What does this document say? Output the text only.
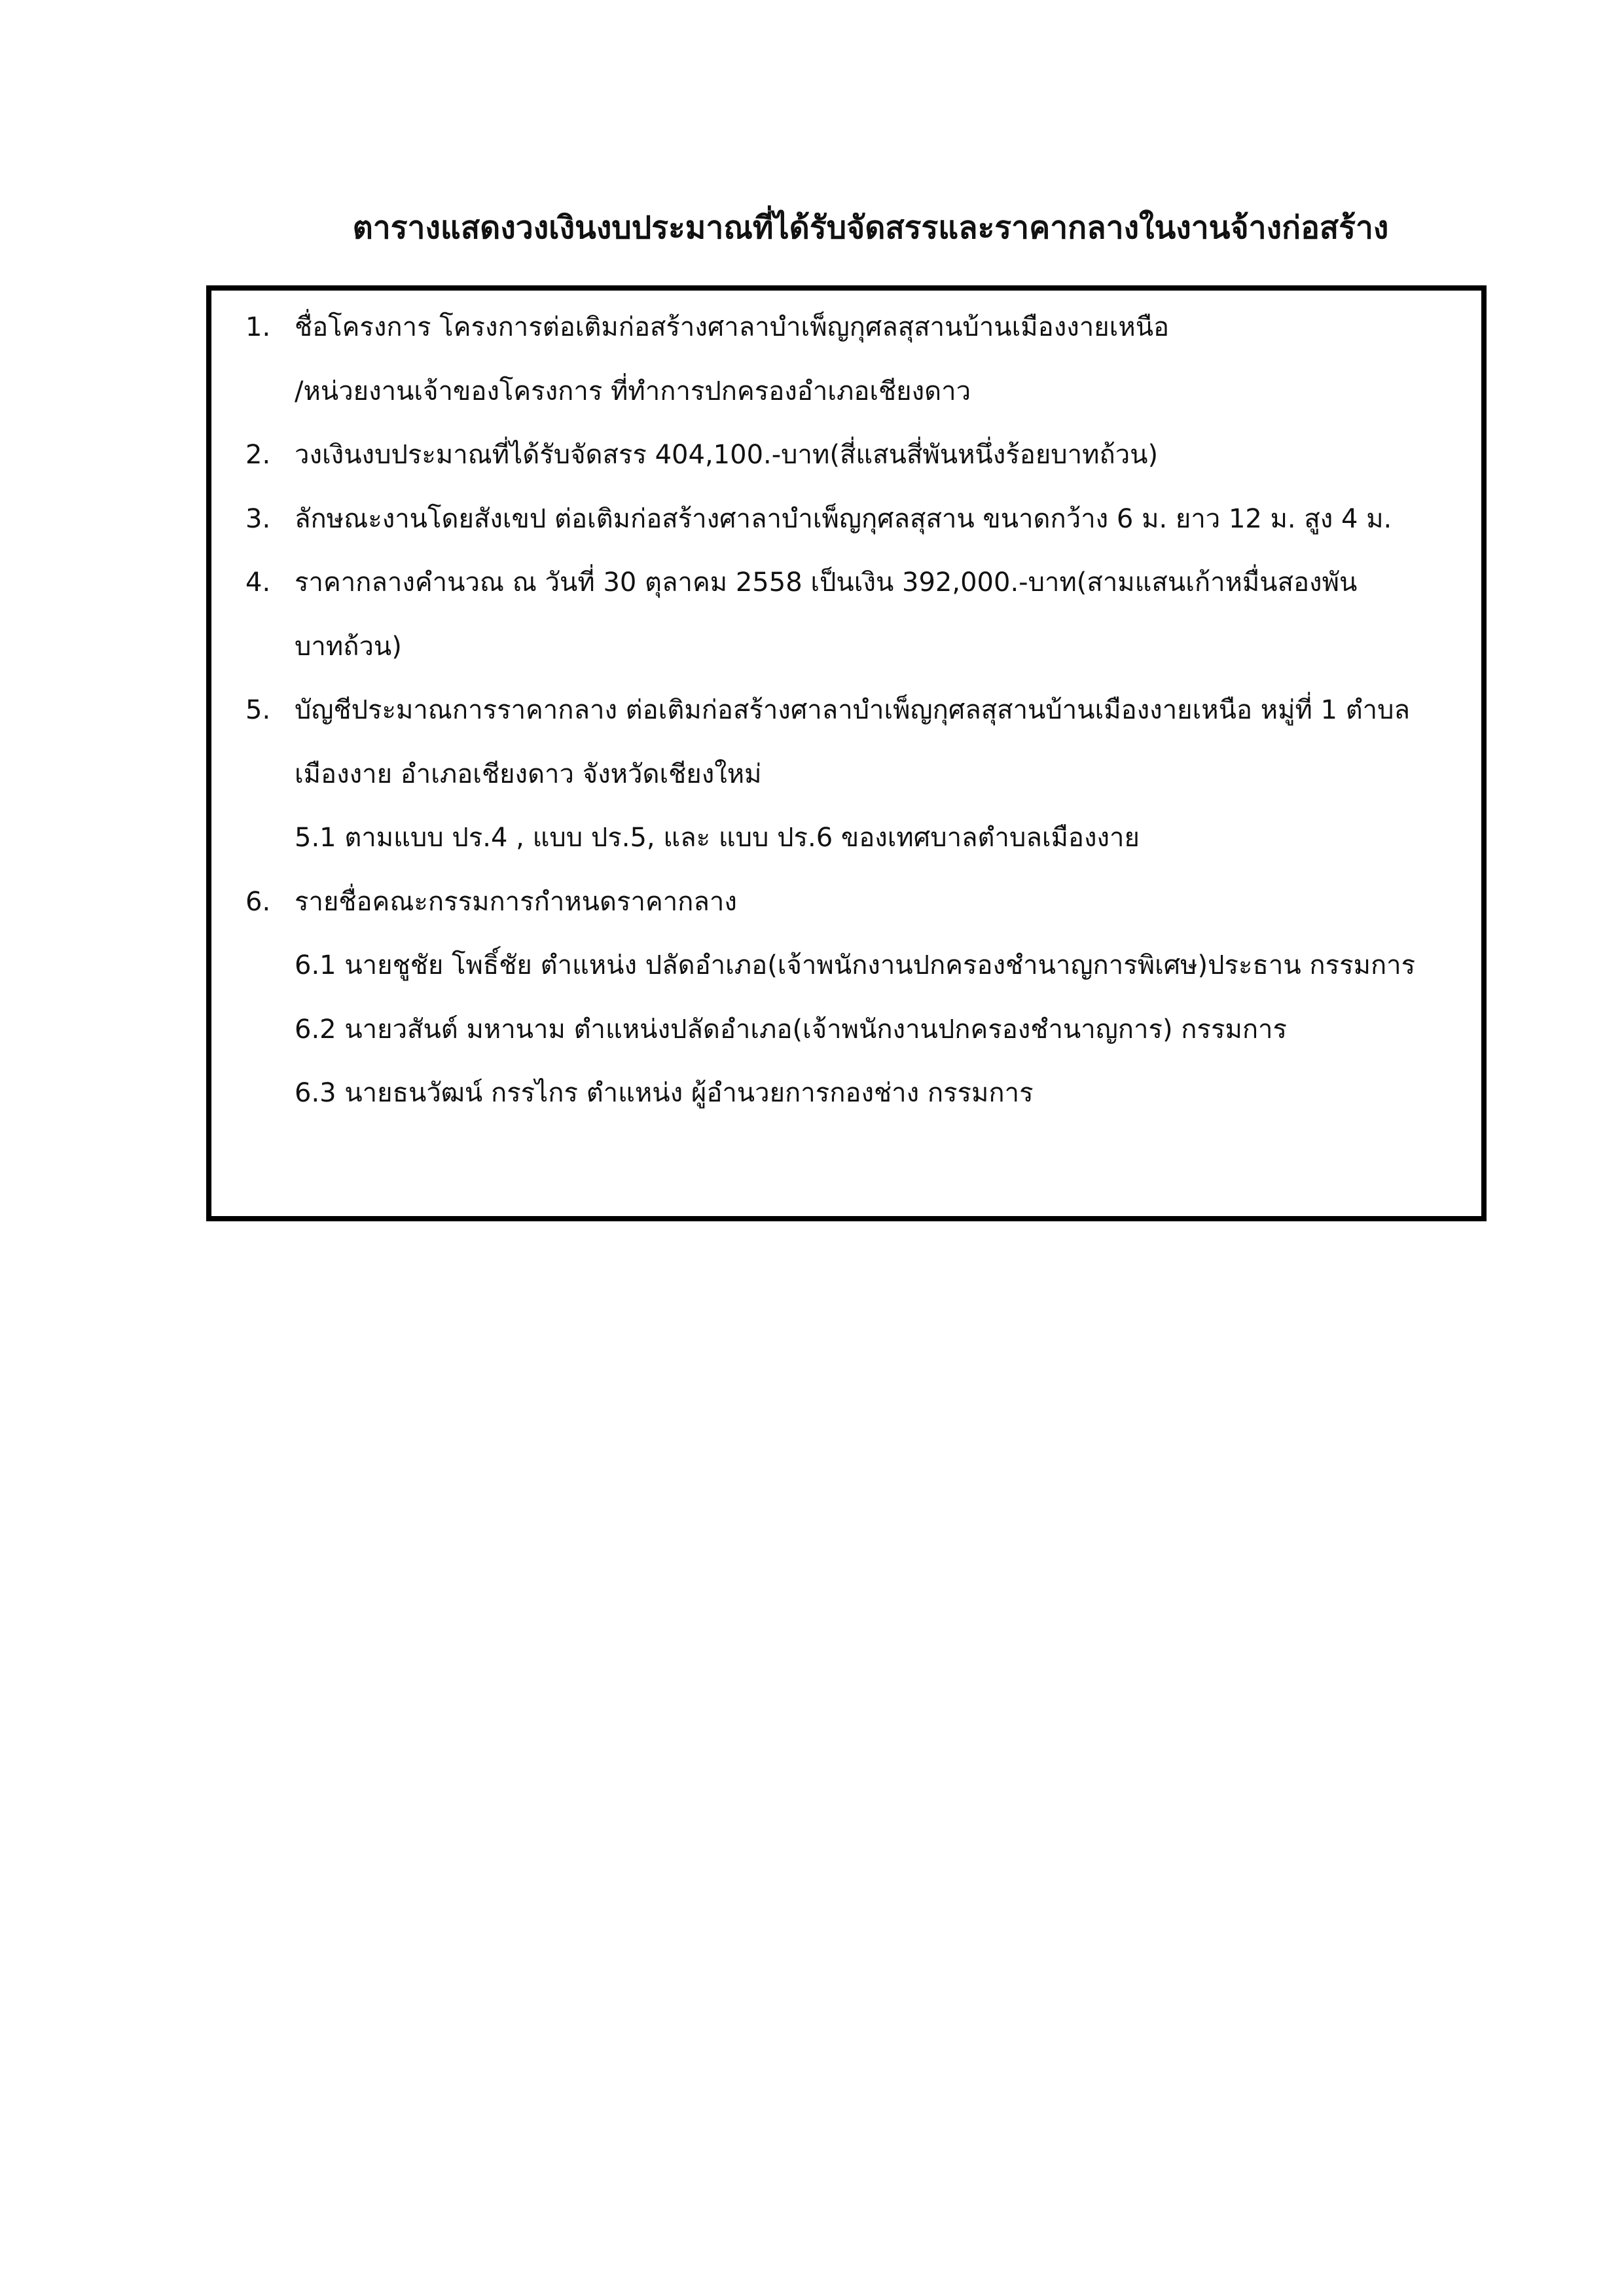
ตารางแสดงวงเงินงบประมาณที่ได้รับจัดสรรและราคากลางในงานจ้างก่อสร้าง
1. ชื่อโครงการ โครงการต่อเติมก่อสร้างศาลาบำเพ็ญกุศลสุสานบ้านเมืองงายเหนือ
/หน่วยงานเจ้าของโครงการ ที่ทำการปกครองอำเภอเชียงดาว
2. วงเงินงบประมาณที่ได้รับจัดสรร 404,100.-บาท(สี่แสนสี่พันหนึ่งร้อยบาทถ้วน)
3. ลักษณะงานโดยสังเขป ต่อเติมก่อสร้างศาลาบำเพ็ญกุศลสุสาน ขนาดกว้าง 6 ม. ยาว 12 ม. สูง 4 ม.
4. ราคากลางคำนวณ ณ วันที่ 30 ตุลาคม 2558 เป็นเงิน 392,000.-บาท(สามแสนเก้าหมื่นสองพัน
บาทถ้วน)
5. บัญชีประมาณการราคากลาง ต่อเติมก่อสร้างศาลาบำเพ็ญกุศลสุสานบ้านเมืองงายเหนือ หมู่ที่ 1 ตำบล
เมืองงาย อำเภอเชียงดาว จังหวัดเชียงใหม่
5.1 ตามแบบ ปร.4 , แบบ ปร.5, และ แบบ ปร.6 ของเทศบาลตำบลเมืองงาย
6. รายชื่อคณะกรรมการกำหนดราคากลาง
6.1 นายชูชัย โพธิ์ชัย ตำแหน่ง ปลัดอำเภอ(เจ้าพนักงานปกครองชำนาญการพิเศษ)ประธาน กรรมการ
6.2 นายวสันต์ มหานาม ตำแหน่งปลัดอำเภอ(เจ้าพนักงานปกครองชำนาญการ) กรรมการ
6.3 นายธนวัฒน์ กรรไกร ตำแหน่ง ผู้อำนวยการกองช่าง กรรมการ
